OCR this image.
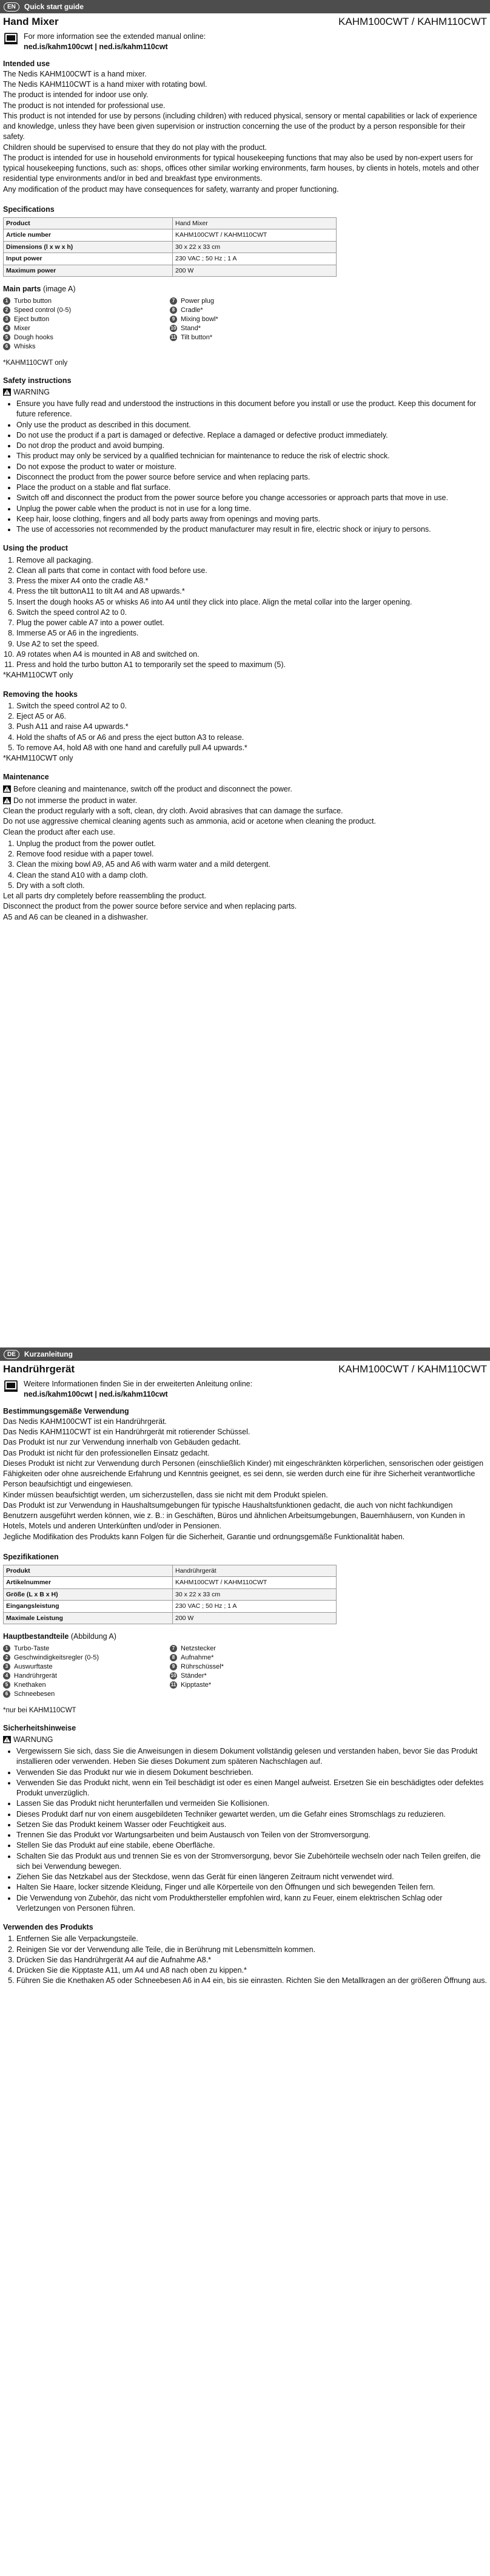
EN	Quick start guide
Hand Mixer	KAHM100CWT / KAHM110CWT
For more information see the extended manual online:
ned.is/kahm100cwt | ned.is/kahm110cwt
Intended use

The Nedis KAHM100CWT is a hand mixer.

The Nedis KAHM110CWT is a hand mixer with rotating bowl.

The product is intended for indoor use only.

The product is not intended for professional use.

This product is not intended for use by persons (including children) with reduced physical, sensory or mental capabilities or lack of experience and knowledge, unless they have been given supervision or instruction concerning the use of the product by a person responsible for their safety.

Children should be supervised to ensure that they do not play with the product.

The product is intended for use in household environments for typical housekeeping functions that may also be used by non-expert users for typical housekeeping functions, such as: shops, offices other similar working environments, farm houses, by clients in hotels, motels and other residential type environments and/or in bed and breakfast type environments.

Any modification of the product may have consequences for safety, warranty and proper functioning.

Specifications
Product	Hand Mixer
Article number	KAHM100CWT / KAHM110CWT
Dimensions (l x w x h)	30 x 22 x 33 cm
Input power	230 VAC ; 50 Hz ; 1 A
Maximum power	200 W
Main parts (image A)
1 Turbo button	7 Power plug
2 Speed control (0-5)	8 Cradle*
3 Eject button	9 Mixing bowl*
4 Mixer	10 Stand*
5 Dough hooks	11 Tilt button*
6 Whisks

*KAHM110CWT only

Safety instructions
WARNING
• Ensure you have fully read and understood the instructions in this document before you install or use the product. Keep this document for future reference.
• Only use the product as described in this document.
• Do not use the product if a part is damaged or defective. Replace a damaged or defective product immediately.
• Do not drop the product and avoid bumping.
• This product may only be serviced by a qualified technician for maintenance to reduce the risk of electric shock.
• Do not expose the product to water or moisture.
• Disconnect the product from the power source before service and when replacing parts.
• Place the product on a stable and flat surface.
• Switch off and disconnect the product from the power source before you change accessories or approach parts that move in use.
• Unplug the power cable when the product is not in use for a long time.
• Keep hair, loose clothing, fingers and all body parts away from openings and moving parts.
• The use of accessories not recommended by the product manufacturer may result in fire, electric shock or injury to persons.
Using the product
1. Remove all packaging.
2. Clean all parts that come in contact with food before use.
3. Press the mixer A4 onto the cradle A8.*
4. Press the tilt buttonA11 to tilt A4 and A8 upwards.*
5. Insert the dough hooks A5 or whisks A6 into A4 until they click into place. Align the metal collar into the larger opening.
6. Switch the speed control A2 to 0.
7. Plug the power cable A7 into a power outlet.
8. Immerse A5 or A6 in the ingredients.
9. Use A2 to set the speed.
10. A9 rotates when A4 is mounted in A8 and switched on.
11. Press and hold the turbo button A1 to temporarily set the speed to maximum (5).

*KAHM110CWT only

Removing the hooks
1. Switch the speed control A2 to 0.
2. Eject A5 or A6.
3. Push A11 and raise A4 upwards.*
4. Hold the shafts of A5 or A6 and press the eject button A3 to release.
5. To remove A4, hold A8 with one hand and carefully pull A4 upwards.*

*KAHM110CWT only

Maintenance
Before cleaning and maintenance, switch off the product and disconnect the power.
Do not immerse the product in water.

Clean the product regularly with a soft, clean, dry cloth. Avoid abrasives that can damage the surface.

Do not use aggressive chemical cleaning agents such as ammonia, acid or acetone when cleaning the product.

Clean the product after each use.

1. Unplug the product from the power outlet.
2. Remove food residue with a paper towel.
3. Clean the mixing bowl A9, A5 and A6 with warm water and a mild detergent.
4. Clean the stand A10 with a damp cloth.
5. Dry with a soft cloth.

Let all parts dry completely before reassembling the product.

Disconnect the product from the power source before service and when replacing parts.

A5 and A6 can be cleaned in a dishwasher.

DE	Kurzanleitung
Handrührgerät	KAHM100CWT / KAHM110CWT
Weitere Informationen finden Sie in der erweiterten Anleitung online:
ned.is/kahm100cwt | ned.is/kahm110cwt
Bestimmungsgemäße Verwendung

Das Nedis KAHM100CWT ist ein Handrührgerät.

Das Nedis KAHM110CWT ist ein Handrührgerät mit rotierender Schüssel.

Das Produkt ist nur zur Verwendung innerhalb von Gebäuden gedacht.

Das Produkt ist nicht für den professionellen Einsatz gedacht.

Dieses Produkt ist nicht zur Verwendung durch Personen (einschließlich Kinder) mit eingeschränkten körperlichen, sensorischen oder geistigen Fähigkeiten oder ohne ausreichende Erfahrung und Kenntnis geeignet, es sei denn, sie werden durch eine für ihre Sicherheit verantwortliche Person beaufsichtigt und eingewiesen.

Kinder müssen beaufsichtigt werden, um sicherzustellen, dass sie nicht mit dem Produkt spielen.

Das Produkt ist zur Verwendung in Haushaltsumgebungen für typische Haushaltsfunktionen gedacht, die auch von nicht fachkundigen Benutzern ausgeführt werden können, wie z. B.: in Geschäften, Büros und ähnlichen Arbeitsumgebungen, Bauernhäusern, von Kunden in Hotels, Motels und anderen Unterkünften und/oder in Pensionen.

Jegliche Modifikation des Produkts kann Folgen für die Sicherheit, Garantie und ordnungsgemäße Funktionalität haben.

Spezifikationen
Produkt	Handrührgerät
Artikelnummer	KAHM100CWT / KAHM110CWT
Größe (L x B x H)	30 x 22 x 33 cm
Eingangsleistung	230 VAC ; 50 Hz ; 1 A
Maximale Leistung	200 W
Hauptbestandteile (Abbildung A)
1 Turbo-Taste	7 Netzstecker
2 Geschwindigkeitsregler (0-5)	8 Aufnahme*
3 Auswurftaste	9 Rührschüssel*
4 Handrührgerät	10 Ständer*
5 Knethaken	11 Kipptaste*
6 Schneebesen

*nur bei KAHM110CWT

Sicherheitshinweise
WARNUNG
• Vergewissern Sie sich, dass Sie die Anweisungen in diesem Dokument vollständig gelesen und verstanden haben, bevor Sie das Produkt installieren oder verwenden. Heben Sie dieses Dokument zum späteren Nachschlagen auf.
• Verwenden Sie das Produkt nur wie in diesem Dokument beschrieben.
• Verwenden Sie das Produkt nicht, wenn ein Teil beschädigt ist oder es einen Mangel aufweist. Ersetzen Sie ein beschädigtes oder defektes Produkt unverzüglich.
• Lassen Sie das Produkt nicht herunterfallen und vermeiden Sie Kollisionen.
• Dieses Produkt darf nur von einem ausgebildeten Techniker gewartet werden, um die Gefahr eines Stromschlags zu reduzieren.
• Setzen Sie das Produkt keinem Wasser oder Feuchtigkeit aus.
• Trennen Sie das Produkt vor Wartungsarbeiten und beim Austausch von Teilen von der Stromversorgung.
• Stellen Sie das Produkt auf eine stabile, ebene Oberfläche.
• Schalten Sie das Produkt aus und trennen Sie es von der Stromversorgung, bevor Sie Zubehörteile wechseln oder nach Teilen greifen, die sich bei Verwendung bewegen.
• Ziehen Sie das Netzkabel aus der Steckdose, wenn das Gerät für einen längeren Zeitraum nicht verwendet wird.
• Halten Sie Haare, locker sitzende Kleidung, Finger und alle Körperteile von den Öffnungen und sich bewegenden Teilen fern.
• Die Verwendung von Zubehör, das nicht vom Produkthersteller empfohlen wird, kann zu Feuer, einem elektrischen Schlag oder Verletzungen von Personen führen.
Verwenden des Produkts
1. Entfernen Sie alle Verpackungsteile.
2. Reinigen Sie vor der Verwendung alle Teile, die in Berührung mit Lebensmitteln kommen.
3. Drücken Sie das Handrührgerät A4 auf die Aufnahme A8.*
4. Drücken Sie die Kipptaste A11, um A4 und A8 nach oben zu kippen.*
5. Führen Sie die Knethaken A5 oder Schneebesen A6 in A4 ein, bis sie einrasten. Richten Sie den Metallkragen an der größeren Öffnung aus.
